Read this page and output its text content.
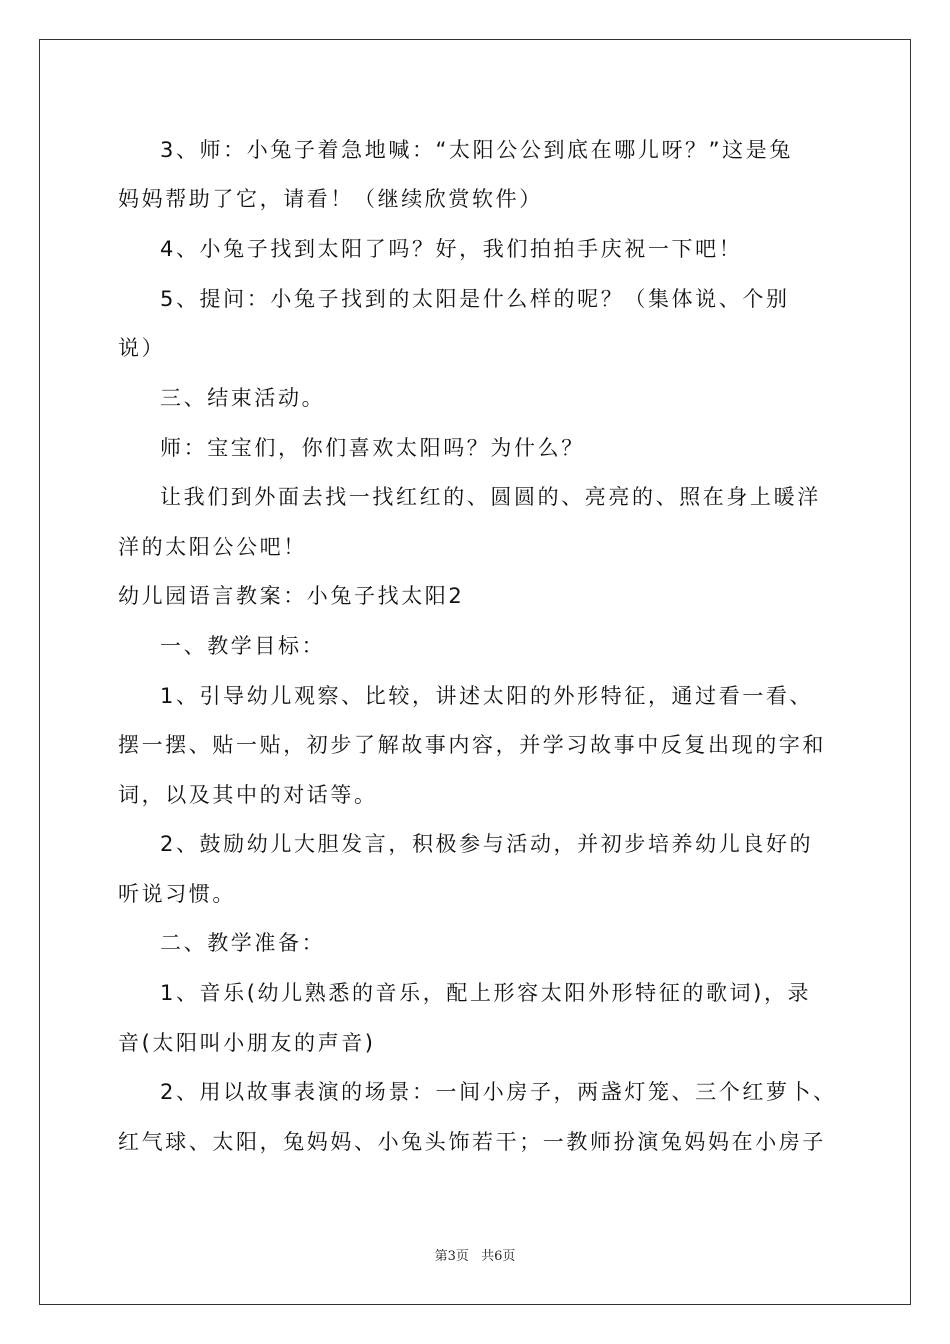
3、师：小兔子着急地喊：“太阳公公到底在哪儿呀？”这是兔
妈妈帮助了它，请看！（继续欣赏软件）
4、小兔子找到太阳了吗？好，我们拍拍手庆祝一下吧！
5、提问：小兔子找到的太阳是什么样的呢？（集体说、个别
说）
三、结束活动。
师：宝宝们，你们喜欢太阳吗？为什么？
让我们到外面去找一找红红的、圆圆的、亮亮的、照在身上暖洋
洋的太阳公公吧！
幼儿园语言教案：小兔子找太阳2
一、教学目标：
1、引导幼儿观察、比较，讲述太阳的外形特征，通过看一看、
摆一摆、贴一贴，初步了解故事内容，并学习故事中反复出现的字和
词，以及其中的对话等。
2、鼓励幼儿大胆发言，积极参与活动，并初步培养幼儿良好的
听说习惯。
二、教学准备：
1、音乐(幼儿熟悉的音乐，配上形容太阳外形特征的歌词)，录
音(太阳叫小朋友的声音)
2、用以故事表演的场景：一间小房子，两盏灯笼、三个红萝卜、
红气球、太阳，兔妈妈、小兔头饰若干；一教师扮演兔妈妈在小房子
第3页 共6页
